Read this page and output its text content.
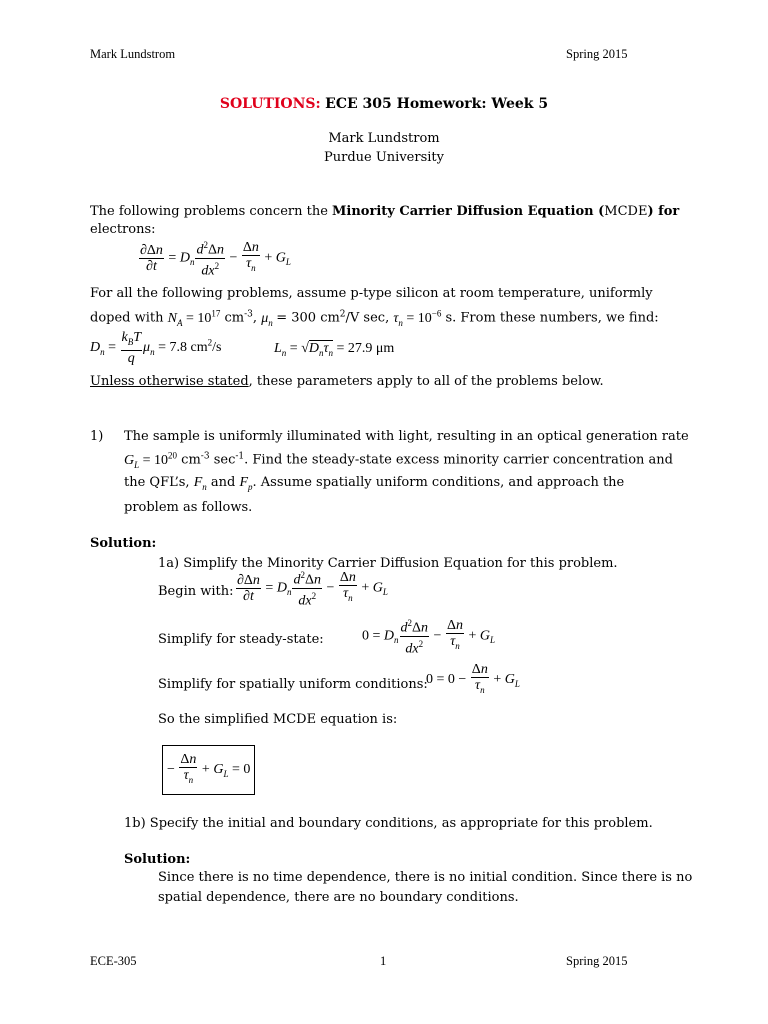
Mark Lundstrom	Spring 2015
SOLUTIONS: ECE 305 Homework: Week 5
Mark Lundstrom
Purdue University
The following problems concern the Minority Carrier Diffusion Equation (MCDE) for
electrons:
$\frac{\partial\Delta n}{\partial t} = D_n \frac{d^2\Delta n}{dx^2} - \frac{\Delta n}{\tau_n} + G_L$
For all the following problems, assume p-type silicon at room temperature, uniformly
doped with $N_A = 10^{17}$ $cm^{-3}$, $\mu_n = 300$ $cm^2/V$ sec, $\tau_n = 10^{-6}$ s. From these numbers, we find:
$D_n = \frac{k_BT}{q} \mu_n = 7.8$ $cm^2/s$	$L_n = √D_n\tau_n = 27.9$ μm
Unless otherwise stated, these parameters apply to all of the problems below.
1) The sample is uniformly illuminated with light, resulting in an optical generation rate
$G_L = 10^{20}$ $cm^{-3}$ $\sec^{-1}$. Find the steady-state excess minority carrier concentration and
the QFL’s, $F_n$ and $F_p$. Assume spatially uniform conditions, and approach the
problem as follows.
Solution:
1a) Simplify the Minority Carrier Diffusion Equation for this problem.
Begin with: $\frac{\partial\Delta n}{\partial t} = D_n \frac{d^2\Delta n}{dx^2} - \frac{\Delta n}{\tau_n} + G_L$
Simplify for steady-state:	$0 = D_n \frac{d^2\Delta n}{dx^2} - \frac{\Delta n}{\tau_n} + G_L$
Simplify for spatially uniform conditions:
$0 = 0 - \frac{\Delta n}{\tau_n} + G_L$
So the simplified MCDE equation is:
− $\frac{\Delta n}{\tau_n} + G_L = 0$
1b) Specify the initial and boundary conditions, as appropriate for this problem.
Solution:
Since there is no time dependence, there is no initial condition. Since there is no
spatial dependence, there are no boundary conditions.
ECE-305	1	Spring 2015
